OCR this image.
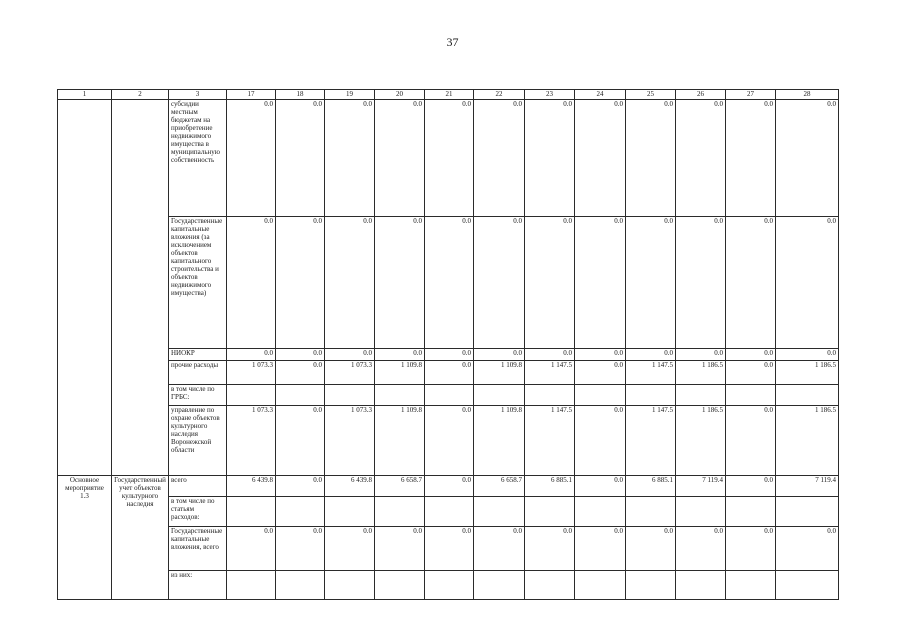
37
1	2	3	17	18	19	20	21	22	23	24	25	26	27	28
		субсидии местным бюджетам на приобретение недвижимого имущества в муниципальную собственность	0.0	0.0	0.0	0.0	0.0	0.0	0.0	0.0	0.0	0.0	0.0	0.0
		Государственные капитальные вложения (за исключением объектов капитального строительства и объектов недвижимого имущества)	0.0	0.0	0.0	0.0	0.0	0.0	0.0	0.0	0.0	0.0	0.0	0.0
		НИОКР	0.0	0.0	0.0	0.0	0.0	0.0	0.0	0.0	0.0	0.0	0.0	0.0
		прочие расходы	1 073.3	0.0	1 073.3	1 109.8	0.0	1 109.8	1 147.5	0.0	1 147.5	1 186.5	0.0	1 186.5
		в том числе по ГРБС:												
		управление по охране объектов культурного наследия Воронежской области	1 073.3	0.0	1 073.3	1 109.8	0.0	1 109.8	1 147.5	0.0	1 147.5	1 186.5	0.0	1 186.5
Основное мероприятие 1.3	Государственный учет объектов культурного наследия	всего	6 439.8	0.0	6 439.8	6 658.7	0.0	6 658.7	6 885.1	0.0	6 885.1	7 119.4	0.0	7 119.4
		в том числе по статьям расходов:												
		Государственные капитальные вложения, всего	0.0	0.0	0.0	0.0	0.0	0.0	0.0	0.0	0.0	0.0	0.0	0.0
		из них:												
